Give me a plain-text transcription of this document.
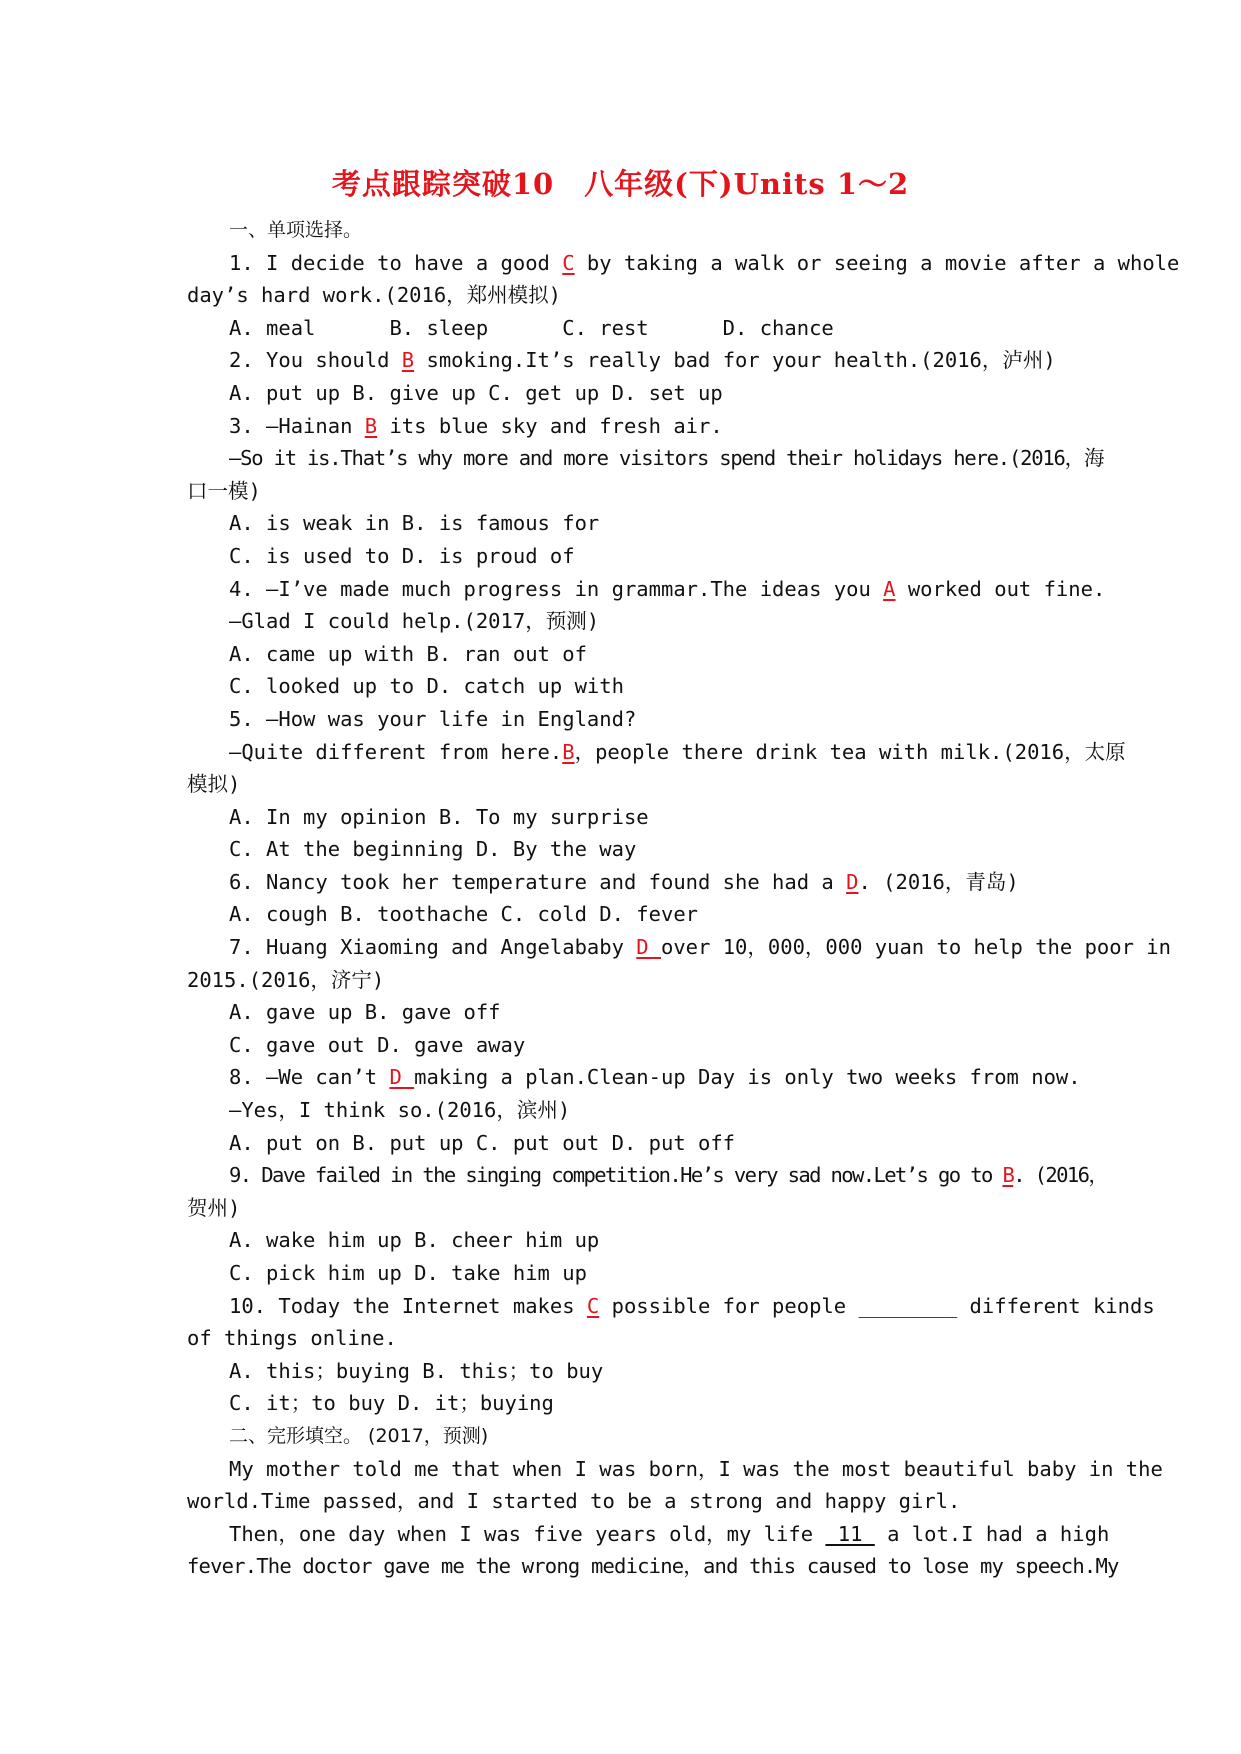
考点跟踪突破10　八年级(下)Units 1～2
一、单项选择。
1. I decide to have a good C by taking a walk or seeing a movie after a whole
day’s hard work.(2016，郑州模拟)
A. meal      B. sleep      C. rest      D. chance
2. You should B smoking.It’s really bad for your health.(2016，泸州)
A. put up B. give up C. get up D. set up
3. —Hainan B its blue sky and fresh air.
—So it is.That’s why more and more visitors spend their holidays here.(2016，海
口一模)
A. is weak in B. is famous for
C. is used to D. is proud of
4. —I’ve made much progress in grammar.The ideas you A worked out fine.
—Glad I could help.(2017，预测)
A. came up with B. ran out of
C. looked up to D. catch up with
5. —How was your life in England?
—Quite different from here.B，people there drink tea with milk.(2016，太原
模拟)
A. In my opinion B. To my surprise
C. At the beginning D. By the way
6. Nancy took her temperature and found she had a D. (2016，青岛)
A. cough B. toothache C. cold D. fever
7. Huang Xiaoming and Angelababy D over 10，000，000 yuan to help the poor in
2015.(2016，济宁)
A. gave up B. gave off
C. gave out D. gave away
8. —We can’t D making a plan.Clean-up Day is only two weeks from now.
—Yes，I think so.(2016，滨州)
A. put on B. put up C. put out D. put off
9. Dave failed in the singing competition.He’s very sad now.Let’s go to B. (2016，
贺州)
A. wake him up B. cheer him up
C. pick him up D. take him up
10. Today the Internet makes C possible for people ________ different kinds
of things online.
A. this；buying B. this；to buy
C. it；to buy D. it；buying
二、完形填空。 (2017，预测)
My mother told me that when I was born，I was the most beautiful baby in the
world.Time passed，and I started to be a strong and happy girl.
Then，one day when I was five years old，my life  11  a lot.I had a high
fever.The doctor gave me the wrong medicine，and this caused to lose my speech.My
